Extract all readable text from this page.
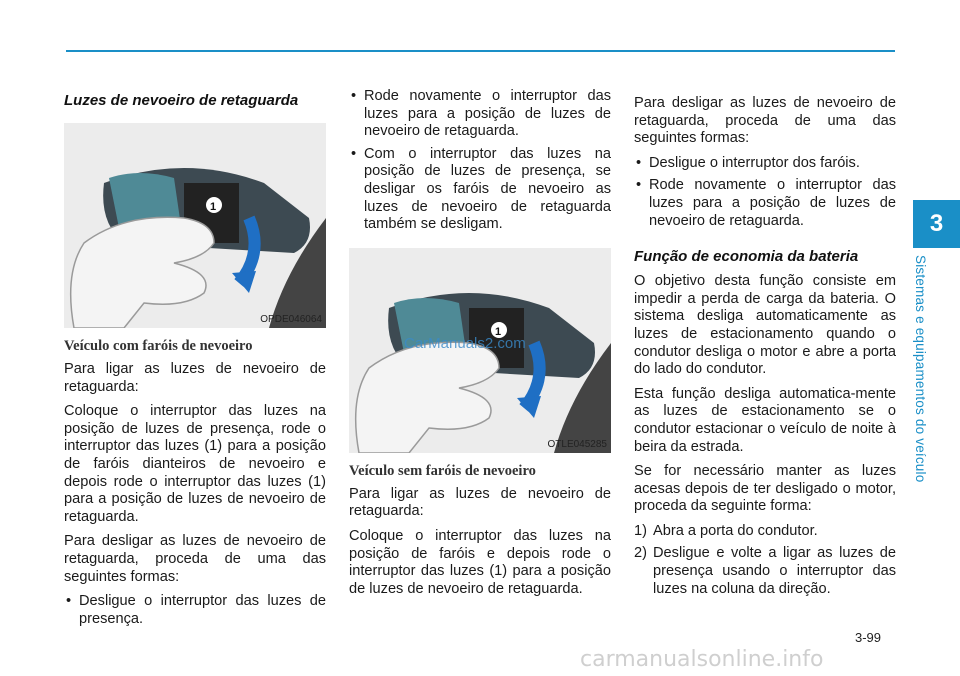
3
Sistemas e equipamentos do veículo
Luzes de nevoeiro de retaguarda
1
OPDE046064
Veículo com faróis de nevoeiro

Para ligar as luzes de nevoeiro de retaguarda:

Coloque o interruptor das luzes na posição de luzes de presença, rode o interruptor das luzes (1) para a posição de faróis dianteiros de nevoeiro e depois rode o interruptor das luzes (1) para a posição de luzes de nevoeiro de retaguarda.

Para desligar as luzes de nevoeiro de retaguarda, proceda de uma das seguintes formas:

• Desligue o interruptor das luzes de presença.
• Rode novamente o interruptor das luzes para a posição de luzes de nevoeiro de retaguarda.
• Com o interruptor das luzes na posição de luzes de presença, se desligar os faróis de nevoeiro as luzes de nevoeiro de retaguarda também se desligam.
1
CarManuals2.com
OTLE045285
Veículo sem faróis de nevoeiro

Para ligar as luzes de nevoeiro de retaguarda:

Coloque o interruptor das luzes na posição de faróis e depois rode o interruptor das luzes (1) para a posição de luzes de nevoeiro de retaguarda.

Para desligar as luzes de nevoeiro de retaguarda, proceda de uma das seguintes formas:

• Desligue o interruptor dos faróis.
• Rode novamente o interruptor das luzes para a posição de luzes de nevoeiro de retaguarda.
Função de economia da bateria

O objetivo desta função consiste em impedir a perda de carga da bateria. O sistema desliga automaticamente as luzes de estacionamento quando o condutor desliga o motor e abre a porta do lado do condutor.

Esta função desliga automatica-mente as luzes de estacionamento se o condutor estacionar o veículo de noite à beira da estrada.

Se for necessário manter as luzes acesas depois de ter desligado o motor, proceda da seguinte forma:

1) Abra a porta do condutor.
2) Desligue e volte a ligar as luzes de presença usando o interruptor das luzes na coluna da direção.
3-99
carmanualsonline.info
